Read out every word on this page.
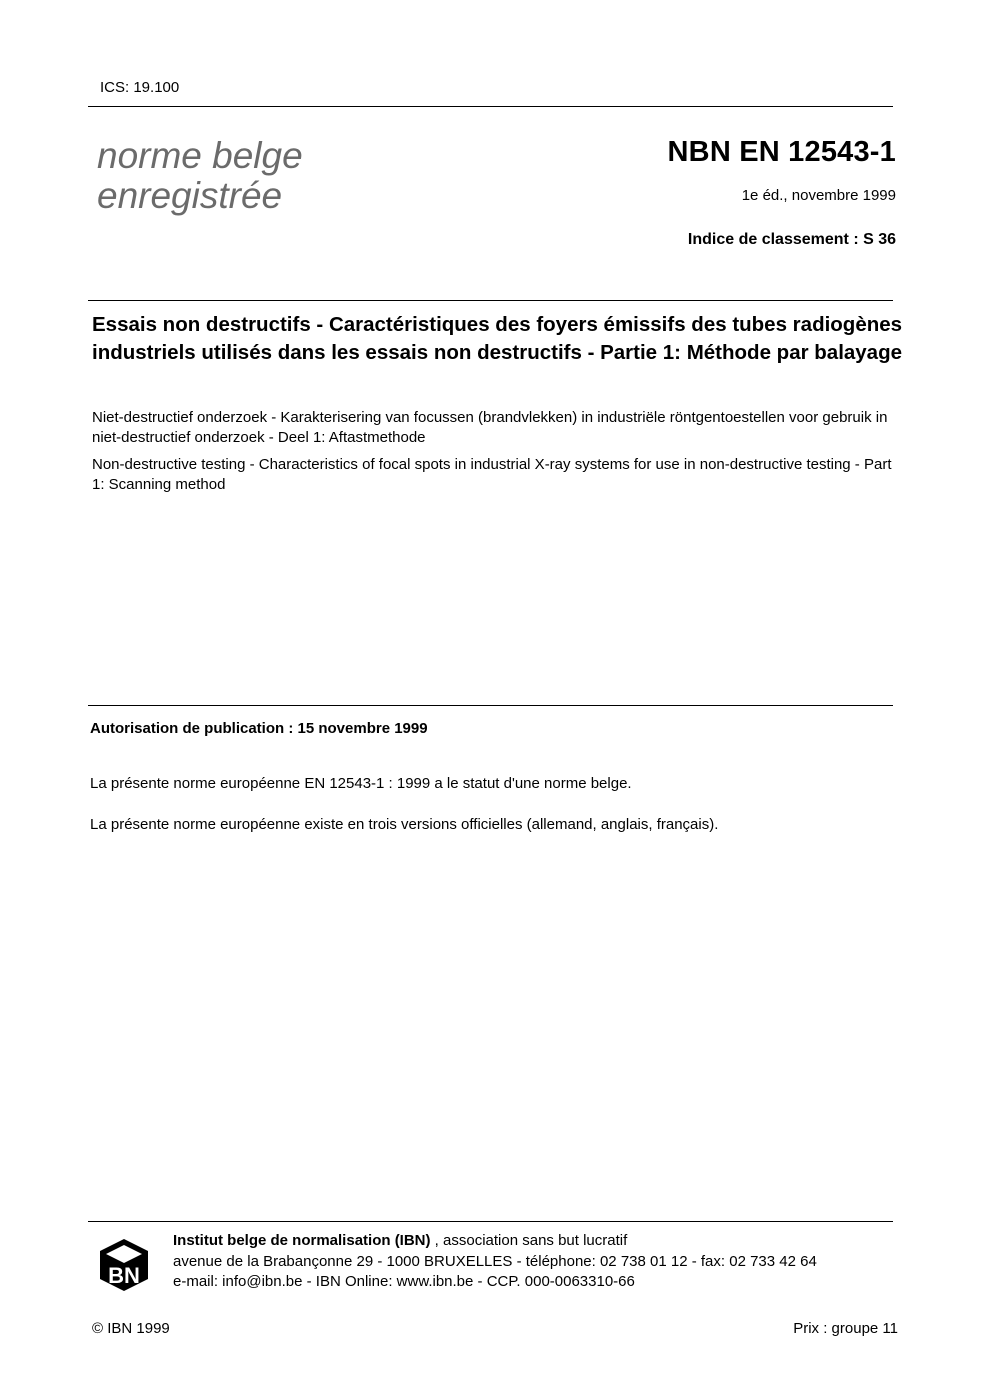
ICS: 19.100
norme belge
enregistrée
NBN EN 12543-1
1e éd., novembre 1999
Indice de classement : S 36
Essais non destructifs - Caractéristiques des foyers émissifs des tubes radiogènes industriels utilisés dans les essais non destructifs - Partie 1: Méthode par balayage
Niet-destructief onderzoek - Karakterisering van focussen (brandvlekken) in industriële röntgentoestellen voor gebruik in niet-destructief onderzoek - Deel 1: Aftastmethode
Non-destructive testing - Characteristics of focal spots in industrial X-ray systems for use in non-destructive testing - Part 1: Scanning method
Autorisation de publication : 15 novembre 1999
La présente norme européenne EN 12543-1 : 1999 a le statut d'une norme belge.
La présente norme européenne existe en trois versions officielles (allemand, anglais, français).
BN
Institut belge de normalisation (IBN) , association sans but lucratif
avenue de la Brabançonne 29 - 1000 BRUXELLES - téléphone: 02 738 01 12 - fax: 02 733 42 64
e-mail: info@ibn.be - IBN Online: www.ibn.be - CCP. 000-0063310-66
© IBN 1999	Prix : groupe 11
